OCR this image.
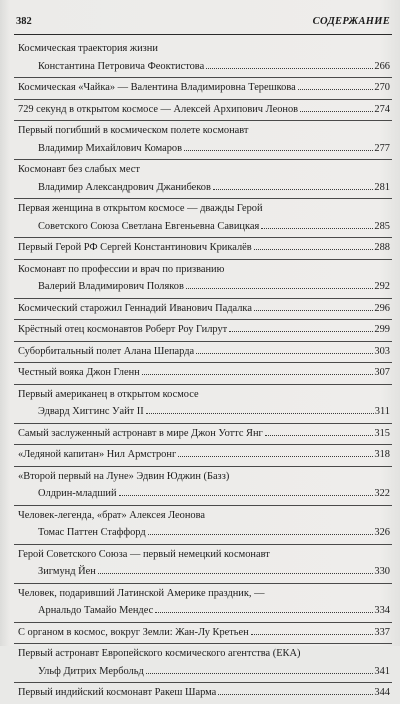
382	СОДЕРЖАНИЕ
Космическая траектория жизни
Константина Петровича Феоктистова	266
Космическая «Чайка» — Валентина Владимировна Терешкова	270
729 секунд в открытом космосе — Алексей Архипович Леонов	274
Первый погибший в космическом полете космонавт
Владимир Михайлович Комаров	277
Космонавт без слабых мест
Владимир Александрович Джанибеков	281
Первая женщина в открытом космосе — дважды Герой
Советского Союза Светлана Евгеньевна Савицкая	285
Первый Герой РФ Сергей Константинович Крикалёв	288
Космонавт по профессии и врач по призванию
Валерий Владимирович Поляков	292
Космический старожил Геннадий Иванович Падалка	296
Крёстный отец космонавтов Роберт Роу Гилрут	299
Суборбитальный полет Алана Шепарда	303
Честный вояка Джон Гленн	307
Первый американец в открытом космосе
Эдвард Хиггинс Уайт II	311
Самый заслуженный астронавт в мире Джон Уоттс Янг	315
«Ледяной капитан» Нил Армстронг	318
«Второй первый на Луне» Эдвин Юджин (Базз)
Олдрин-младший	322
Человек-легенда, «брат» Алексея Леонова
Томас Паттен Стаффорд	326
Герой Советского Союза — первый немецкий космонавт
Зигмунд Йен	330
Человек, подаривший Латинской Америке праздник, —
Арнальдо Тамайо Мендес	334
С органом в космос, вокруг Земли: Жан-Лу Кретьен	337
Первый астронавт Европейского космического агентства (ЕКА)
Ульф Дитрих Мербольд	341
Первый индийский космонавт Ракеш Шарма	344
